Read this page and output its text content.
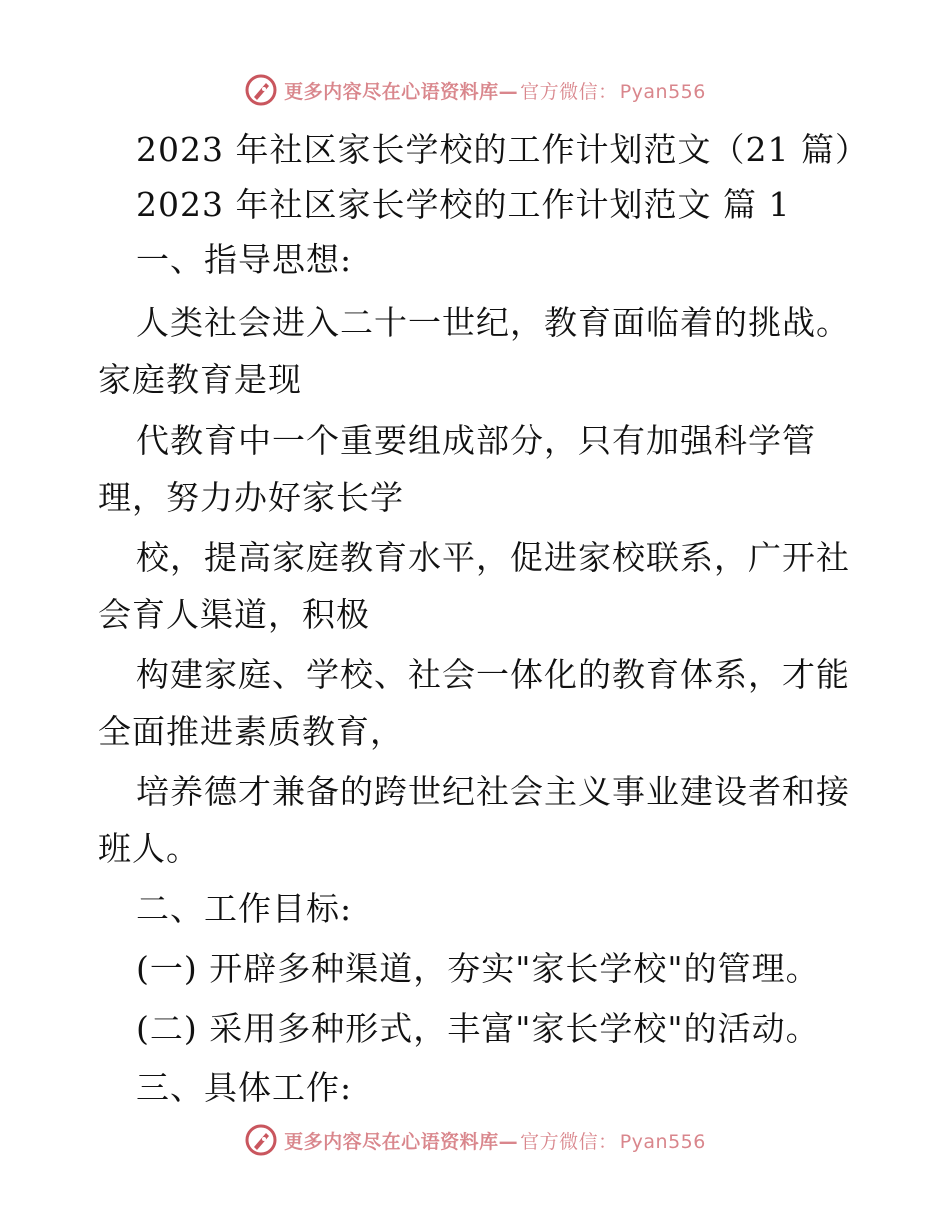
更多内容尽在心语资料库— 官方微信： Pyan556
2023 年社区家长学校的工作计划范文（21 篇）
2023 年社区家长学校的工作计划范文 篇 1
一、指导思想:
人类社会进入二十一世纪，教育面临着的挑战。
家庭教育是现
代教育中一个重要组成部分，只有加强科学管
理，努力办好家长学
校，提高家庭教育水平，促进家校联系，广开社
会育人渠道，积极
构建家庭、学校、社会一体化的教育体系，才能
全面推进素质教育，
培养德才兼备的跨世纪社会主义事业建设者和接
班人。
二、工作目标:
(一) 开辟多种渠道，夯实"家长学校"的管理。
(二) 采用多种形式，丰富"家长学校"的活动。
三、具体工作:
更多内容尽在心语资料库— 官方微信： Pyan556
